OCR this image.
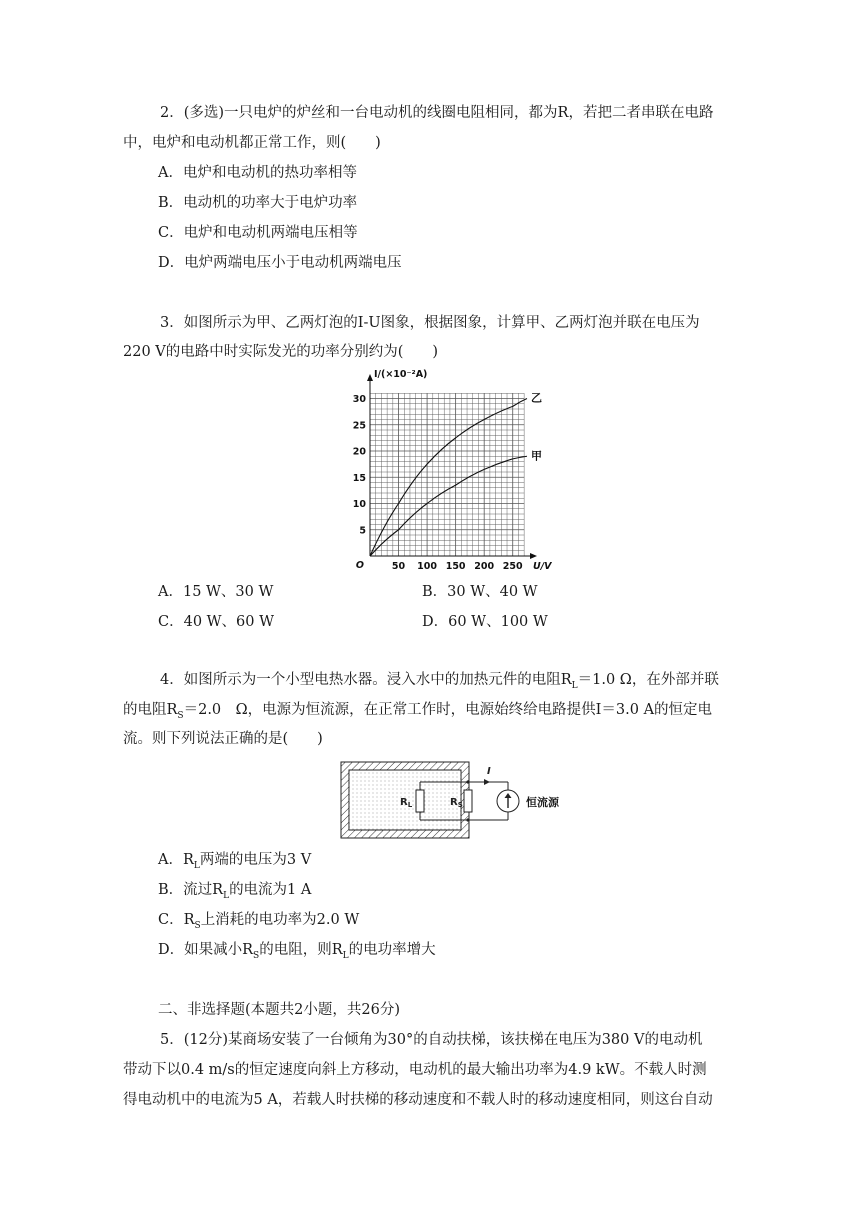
2．(多选)一只电炉的炉丝和一台电动机的线圈电阻相同，都为R，若把二者串联在电路
中，电炉和电动机都正常工作，则(　　)
A．电炉和电动机的热功率相等
B．电动机的功率大于电炉功率
C．电炉和电动机两端电压相等
D．电炉两端电压小于电动机两端电压
3．如图所示为甲、乙两灯泡的I-U图象，根据图象，计算甲、乙两灯泡并联在电压为
220 V的电路中时实际发光的功率分别约为(　　)
50 100 150 200 250
5
10
15
20
25
30
O	U/V
I/(×10⁻²A)
乙
甲
A．15 W、30 W	B．30 W、40 W
C．40 W、60 W	D．60 W、100 W
4．如图所示为一个小型电热水器。浸入水中的加热元件的电阻$R_L=1.0$ Ω，在外部并联
的电阻$R_S=2.0$　Ω，电源为恒流源，在正常工作时，电源始终给电路提供I＝3.0 A的恒定电
流。则下列说法正确的是(　　)
$R_L$	$R_S$
I
恒流源
A．$R_L$两端的电压为3 V
B．流过$R_L$的电流为1 A
C．$R_S$上消耗的电功率为2.0 W
D．如果减小$R_S$的电阻，则$R_L$的电功率增大
二、非选择题(本题共2小题，共26分)
5．(12分)某商场安装了一台倾角为30°的自动扶梯，该扶梯在电压为380 V的电动机
带动下以0.4 m/s的恒定速度向斜上方移动，电动机的最大输出功率为4.9 kW。不载人时测
得电动机中的电流为5 A，若载人时扶梯的移动速度和不载人时的移动速度相同，则这台自动
